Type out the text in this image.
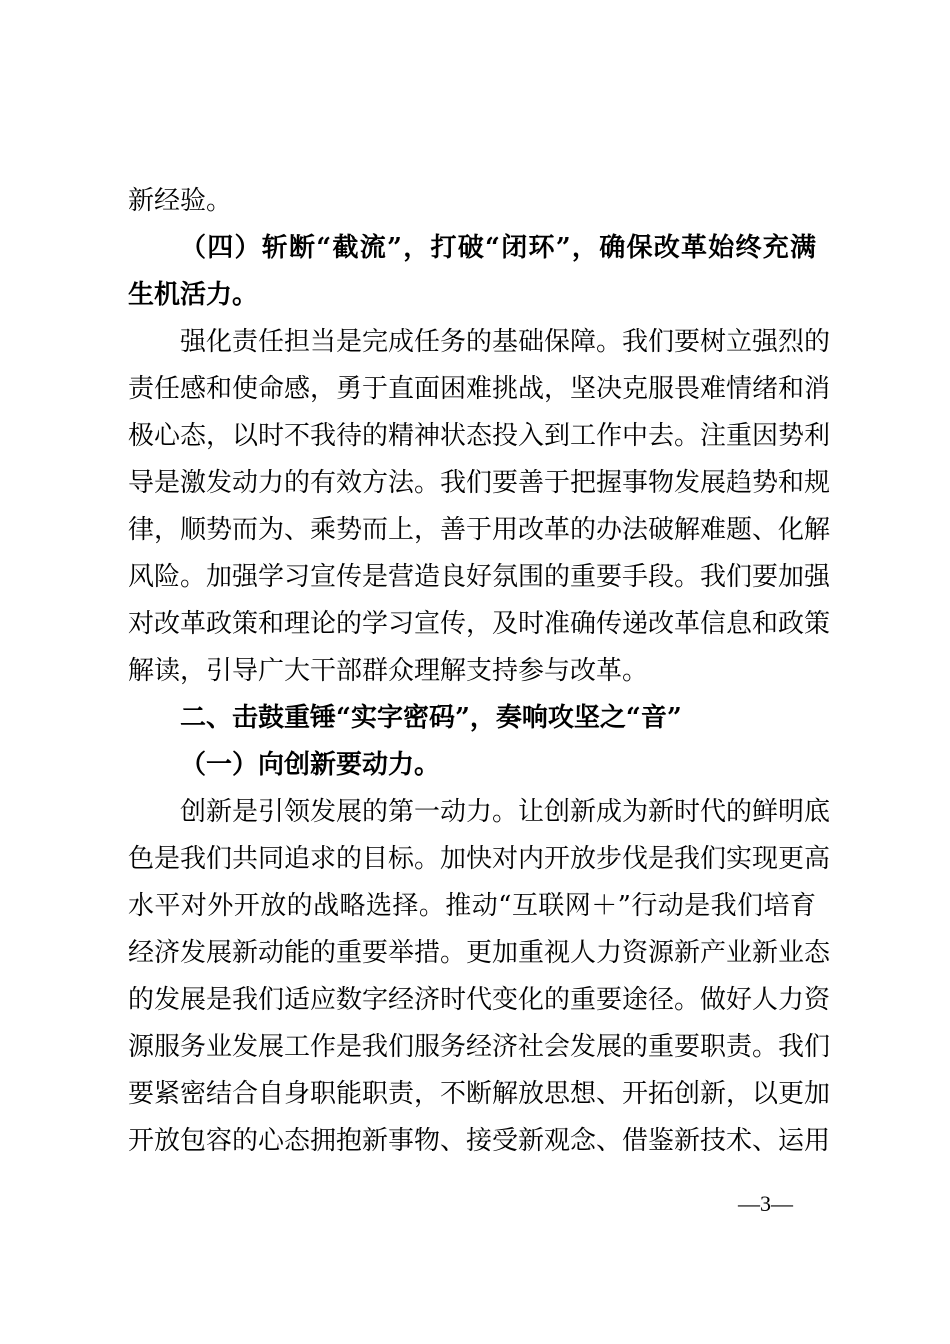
新经验。
（四）斩断“截流”，打破“闭环”，确保改革始终充满
生机活力。
强化责任担当是完成任务的基础保障。我们要树立强烈的
责任感和使命感，勇于直面困难挑战，坚决克服畏难情绪和消
极心态，以时不我待的精神状态投入到工作中去。注重因势利
导是激发动力的有效方法。我们要善于把握事物发展趋势和规
律，顺势而为、乘势而上，善于用改革的办法破解难题、化解
风险。加强学习宣传是营造良好氛围的重要手段。我们要加强
对改革政策和理论的学习宣传，及时准确传递改革信息和政策
解读，引导广大干部群众理解支持参与改革。
二、击鼓重锤“实字密码”，奏响攻坚之“音”
（一）向创新要动力。
创新是引领发展的第一动力。让创新成为新时代的鲜明底
色是我们共同追求的目标。加快对内开放步伐是我们实现更高
水平对外开放的战略选择。推动“互联网＋”行动是我们培育
经济发展新动能的重要举措。更加重视人力资源新产业新业态
的发展是我们适应数字经济时代变化的重要途径。做好人力资
源服务业发展工作是我们服务经济社会发展的重要职责。我们
要紧密结合自身职能职责，不断解放思想、开拓创新，以更加
开放包容的心态拥抱新事物、接受新观念、借鉴新技术、运用
—3—
